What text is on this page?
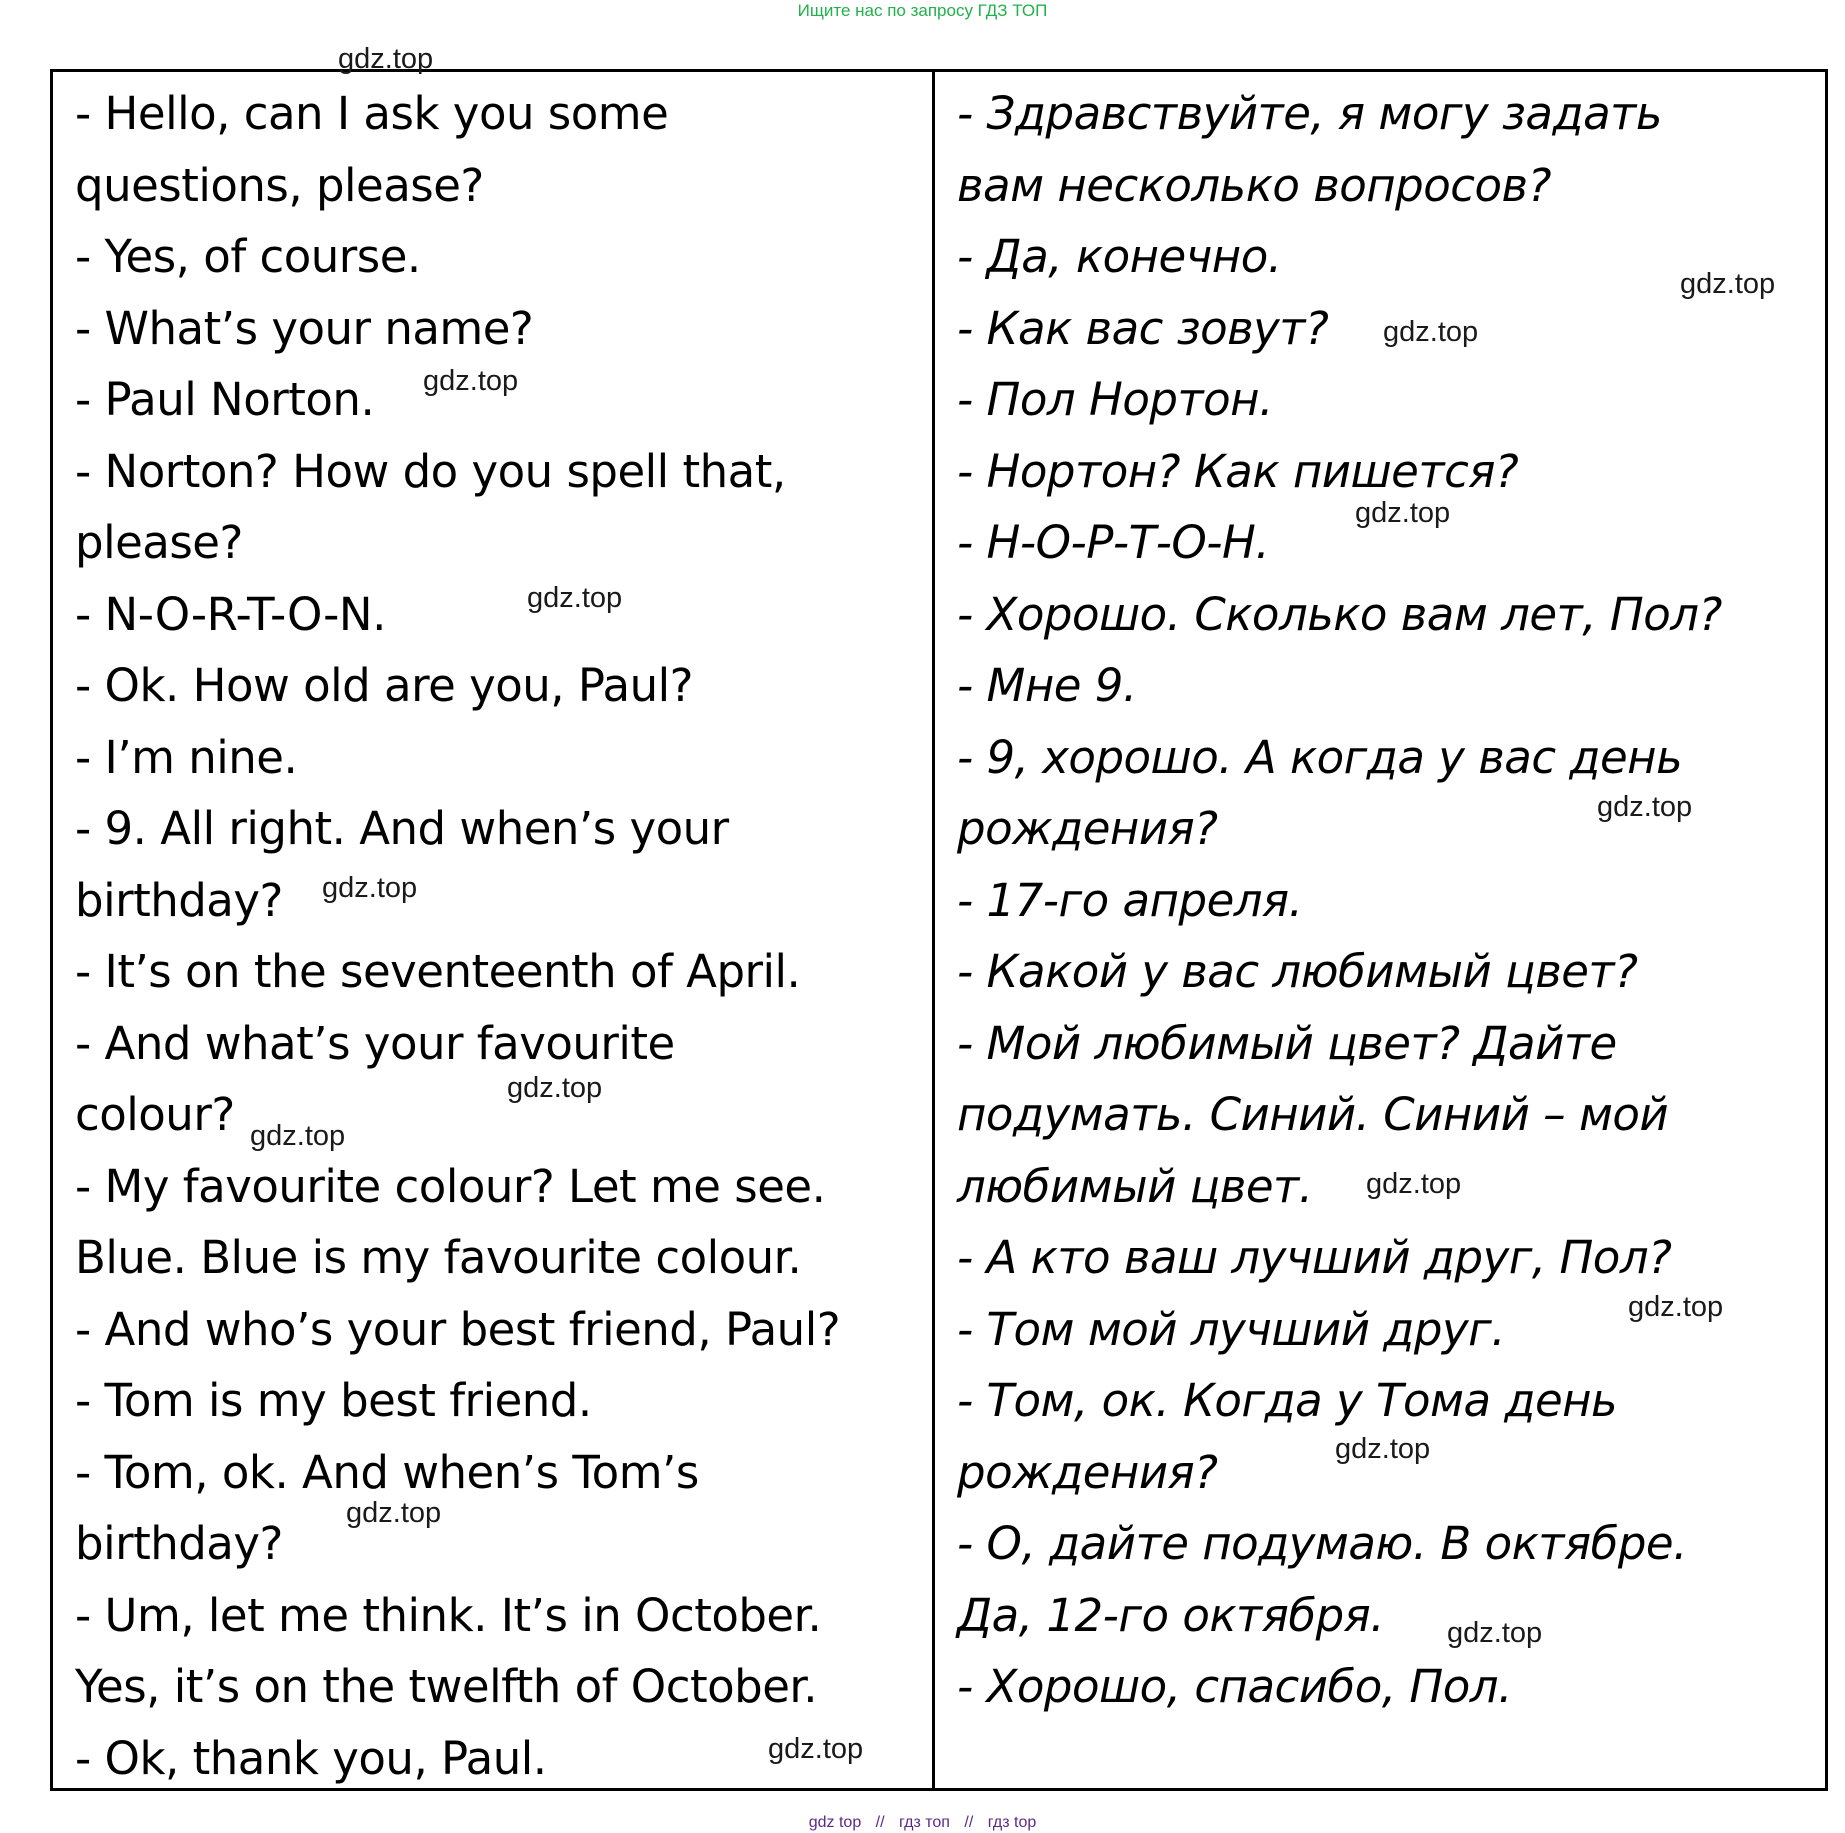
Ищите нас по запросу ГДЗ ТОП
- Hello, can I ask you some
questions, please?
- Yes, of course.
- What’s your name?
- Paul Norton.
- Norton? How do you spell that,
please?
- N-O-R-T-O-N.
- Ok. How old are you, Paul?
- I’m nine.
- 9. All right. And when’s your
birthday?
- It’s on the seventeenth of April.
- And what’s your favourite
colour?
- My favourite colour? Let me see.
Blue. Blue is my favourite colour.
- And who’s your best friend, Paul?
- Tom is my best friend.
- Tom, ok. And when’s Tom’s
birthday?
- Um, let me think. It’s in October.
Yes, it’s on the twelfth of October.
- Ok, thank you, Paul.
- Здравствуйте, я могу задать
вам несколько вопросов?
- Да, конечно.
- Как вас зовут?
- Пол Нортон.
- Нортон? Как пишется?
- Н-О-Р-Т-О-Н.
- Хорошо. Сколько вам лет, Пол?
- Мне 9.
- 9, хорошо. А когда у вас день
рождения?
- 17-го апреля.
- Какой у вас любимый цвет?
- Мой любимый цвет? Дайте
подумать. Синий. Синий – мой
любимый цвет.
- А кто ваш лучший друг, Пол?
- Том мой лучший друг.
- Том, ок. Когда у Тома день
рождения?
- О, дайте подумаю. В октябре.
Да, 12-го октября.
- Хорошо, спасибо, Пол.
gdz.top
gdz.top
gdz.top
gdz.top
gdz.top
gdz.top
gdz.top
gdz.top
gdz.top
gdz.top
gdz.top
gdz.top
gdz.top
gdz.top
gdz.top
gdz.top
gdz top // гдз топ // гдз top
